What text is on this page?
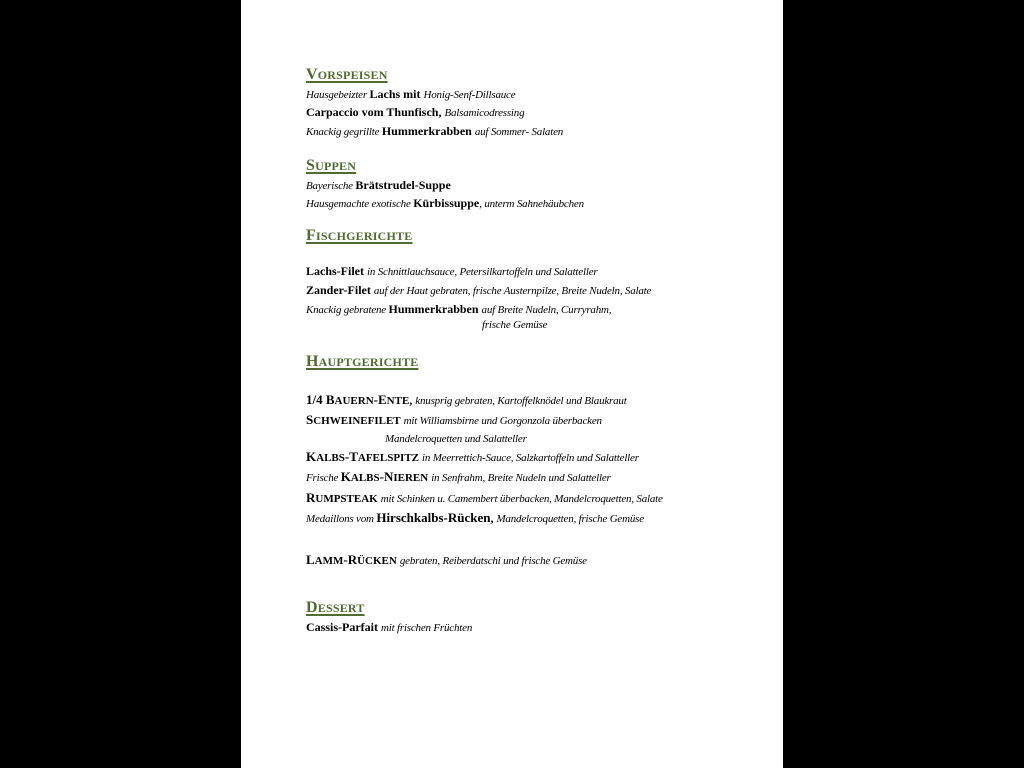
VORSPEISEN
Hausgebeizter Lachs mit Honig-Senf-Dillsauce
Carpaccio vom Thunfisch, Balsamicodressing
Knackig gegrillte Hummerkrabben auf Sommer- Salaten
SUPPEN
Bayerische Brätstrudel-Suppe
Hausgemachte exotische Kürbissuppe, unterm Sahnehäubchen
FISCHGERICHTE
Lachs-Filet in Schnittlauchsauce, Petersilkartoffeln und Salatteller
Zander-Filet auf der Haut gebraten, frische Austernpilze, Breite Nudeln, Salate
Knackig gebratene Hummerkrabben auf Breite Nudeln, Curryrahm,
frische Gemüse
HAUPTGERICHTE
1/4 BAUERN-ENTE, knusprig gebraten, Kartoffelknödel und Blaukraut
SCHWEINEFILET mit Williamsbirne und Gorgonzola überbacken
Mandelcroquetten und Salatteller
KALBS-TAFELSPITZ in Meerrettich-Sauce, Salzkartoffeln und Salatteller
Frische KALBS-NIEREN in Senfrahm, Breite Nudeln und Salatteller
RUMPSTEAK mit Schinken u. Camembert überbacken, Mandelcroquetten, Salate
Medaillons vom Hirschkalbs-Rücken, Mandelcroquetten, frische Gemüse
LAMM-RÜCKEN gebraten, Reiberdatschi und frische Gemüse
DESSERT
Cassis-Parfait mit frischen Früchten
